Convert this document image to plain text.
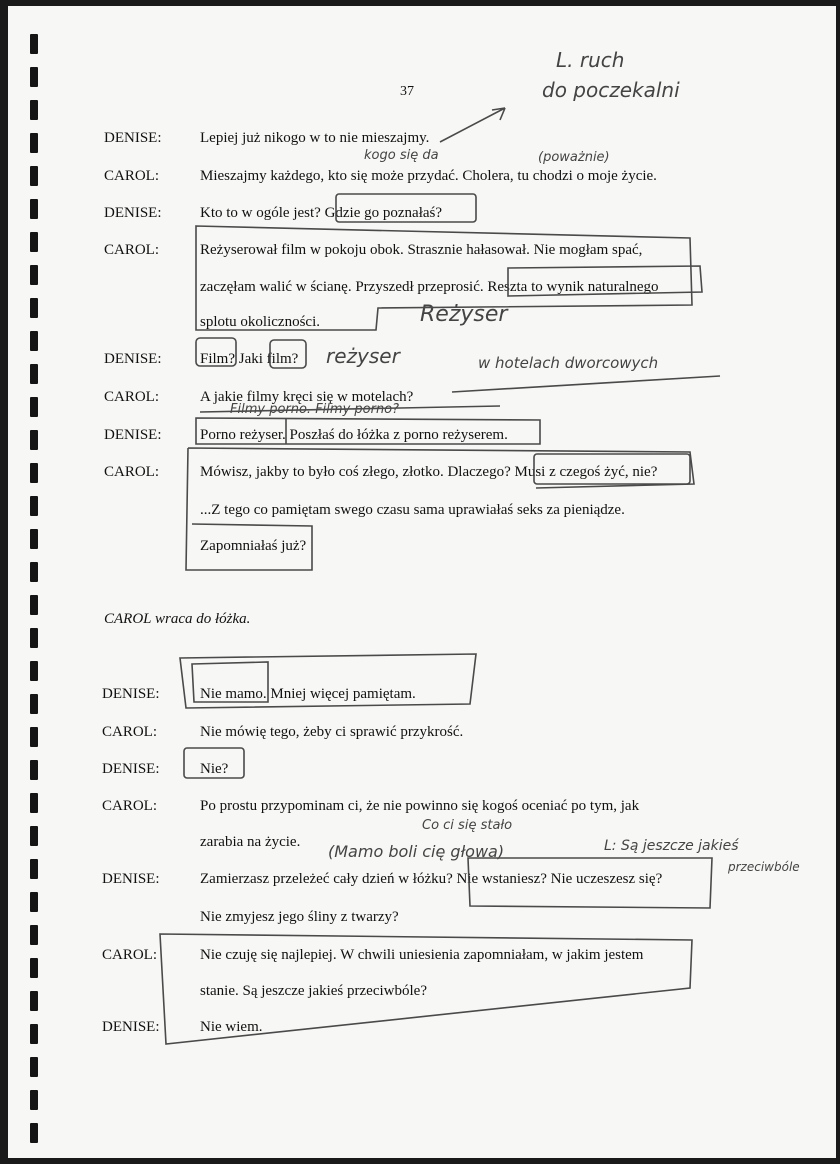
37
DENISE:	Lepiej już nikogo w to nie mieszajmy.
CAROL:	Mieszajmy każdego, kto się może przydać. Cholera, tu chodzi o moje życie.
DENISE:	Kto to w ogóle jest? Gdzie go poznałaś?
CAROL:	Reżyserował film w pokoju obok. Strasznie hałasował. Nie mogłam spać,
zaczęłam walić w ścianę. Przyszedł przeprosić. Reszta to wynik naturalnego
splotu okoliczności.
DENISE:	Film? Jaki film?
CAROL:	A jakie filmy kręci się w motelach?
DENISE:	Porno reżyser. Poszłaś do łóżka z porno reżyserem.
CAROL:	Mówisz, jakby to było coś złego, złotko. Dlaczego? Musi z czegoś żyć, nie?
...Z tego co pamiętam swego czasu sama uprawiałaś seks za pieniądze.
Zapomniałaś już?
CAROL wraca do łóżka.
DENISE:	Nie mamo. Mniej więcej pamiętam.
CAROL:	Nie mówię tego, żeby ci sprawić przykrość.
DENISE:	Nie?
CAROL:	Po prostu przypominam ci, że nie powinno się kogoś oceniać po tym, jak
zarabia na życie.
DENISE:	Zamierzasz przeleżeć cały dzień w łóżku? Nie wstaniesz? Nie uczeszesz się?
Nie zmyjesz jego śliny z twarzy?
CAROL:	Nie czuję się najlepiej. W chwili uniesienia zapomniałam, w jakim jestem
stanie. Są jeszcze jakieś przeciwbóle?
DENISE:	Nie wiem.
L. ruch
do poczekalni
kogo się da	(poważnie)
Reżyser
reżyser	w hotelach dworcowych
Filmy porno. Filmy porno?
Co ci się stało
(Mamo boli cię głowa)	L: Są jeszcze jakieś
przeciwbóle
